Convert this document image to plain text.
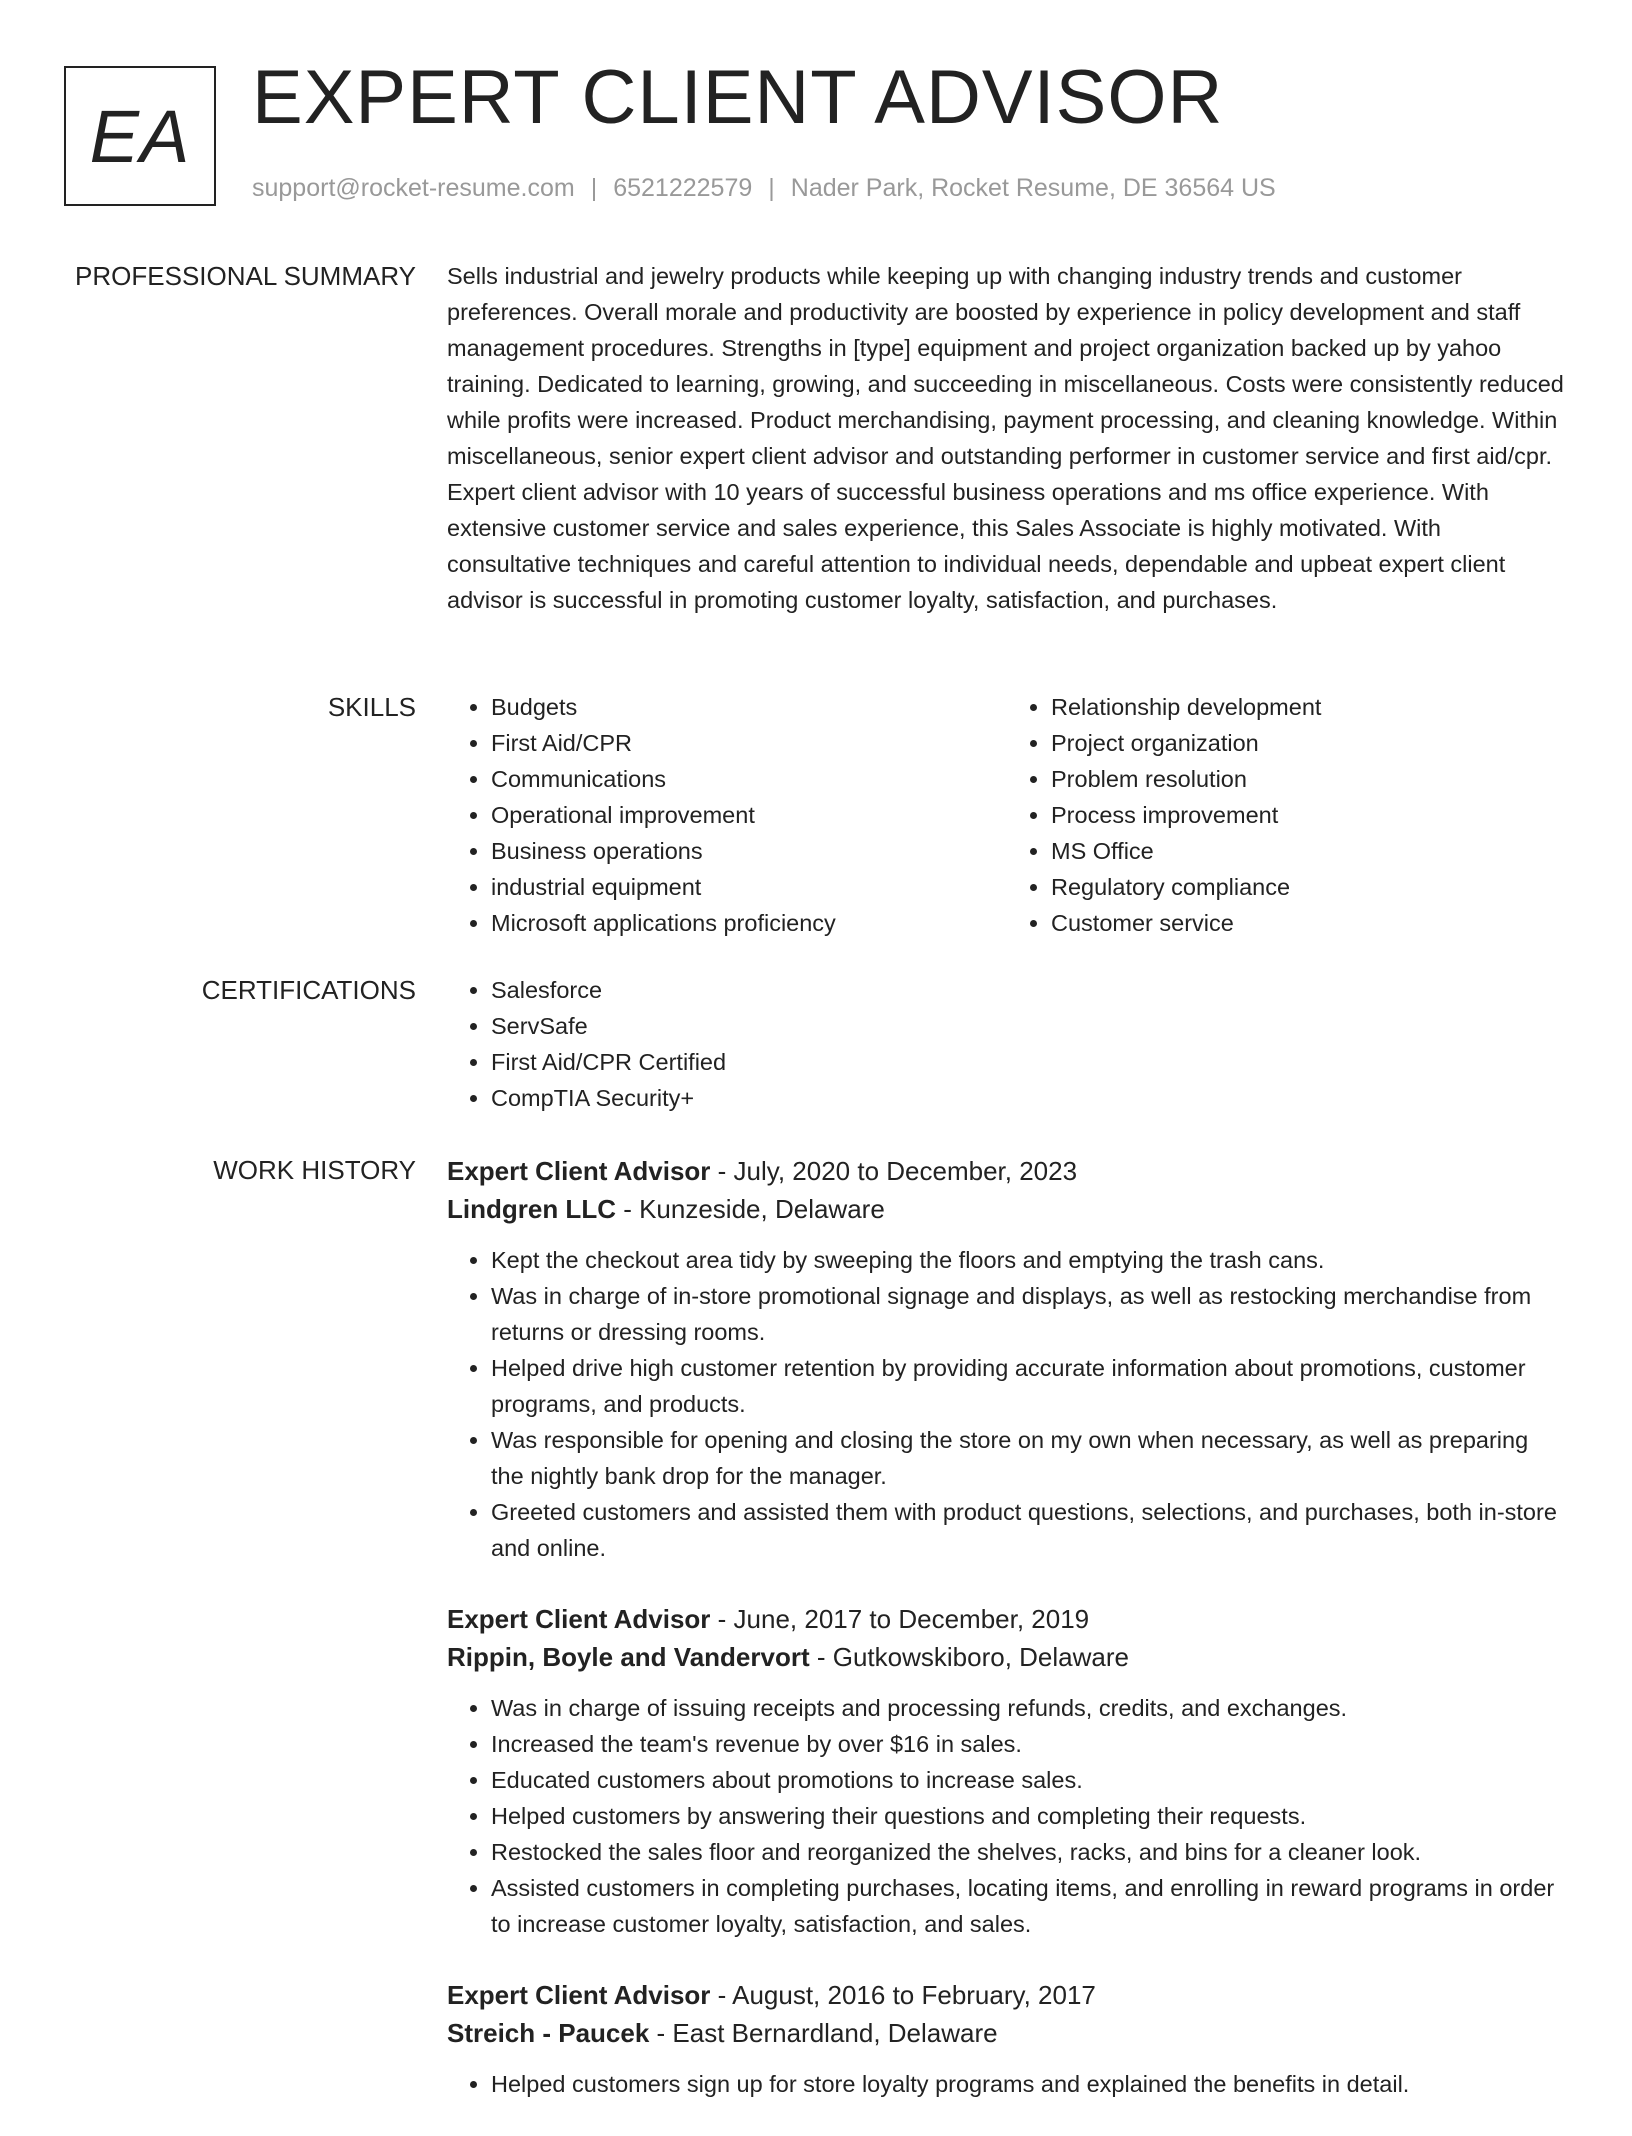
EA EXPERT CLIENT ADVISOR
support@rocket-resume.com | 6521222579 | Nader Park, Rocket Resume, DE 36564 US
PROFESSIONAL SUMMARY Sells industrial and jewelry products while keeping up with changing industry trends and customer preferences. Overall morale and productivity are boosted by experience in policy development and staff management procedures. Strengths in [type] equipment and project organization backed up by yahoo training. Dedicated to learning, growing, and succeeding in miscellaneous. Costs were consistently reduced while profits were increased. Product merchandising, payment processing, and cleaning knowledge. Within miscellaneous, senior expert client advisor and outstanding performer in customer service and first aid/cpr. Expert client advisor with 10 years of successful business operations and ms office experience. With extensive customer service and sales experience, this Sales Associate is highly motivated. With consultative techniques and careful attention to individual needs, dependable and upbeat expert client advisor is successful in promoting customer loyalty, satisfaction, and purchases.

SKILLS	• Budgets
• First Aid/CPR
• Communications
• Operational improvement
• Business operations
• industrial equipment
• Microsoft applications proficiency
• Relationship development
• Project organization
• Problem resolution
• Process improvement
• MS Office
• Regulatory compliance
• Customer service
CERTIFICATIONS	• Salesforce
• ServSafe
• First Aid/CPR Certified
• CompTIA Security+
WORK HISTORY Expert Client Advisor - July, 2020 to December, 2023

Lindgren LLC - Kunzeside, Delaware

• Kept the checkout area tidy by sweeping the floors and emptying the trash cans.
• Was in charge of in-store promotional signage and displays, as well as restocking merchandise from returns or dressing rooms.
• Helped drive high customer retention by providing accurate information about promotions, customer programs, and products.
• Was responsible for opening and closing the store on my own when necessary, as well as preparing the nightly bank drop for the manager.
• Greeted customers and assisted them with product questions, selections, and purchases, both in-store and online.

Expert Client Advisor - June, 2017 to December, 2019

Rippin, Boyle and Vandervort - Gutkowskiboro, Delaware

• Was in charge of issuing receipts and processing refunds, credits, and exchanges.
• Increased the team's revenue by over $16 in sales.
• Educated customers about promotions to increase sales.
• Helped customers by answering their questions and completing their requests.
• Restocked the sales floor and reorganized the shelves, racks, and bins for a cleaner look.
• Assisted customers in completing purchases, locating items, and enrolling in reward programs in order to increase customer loyalty, satisfaction, and sales.

Expert Client Advisor - August, 2016 to February, 2017

Streich - Paucek - East Bernardland, Delaware

• Helped customers sign up for store loyalty programs and explained the benefits in detail.
